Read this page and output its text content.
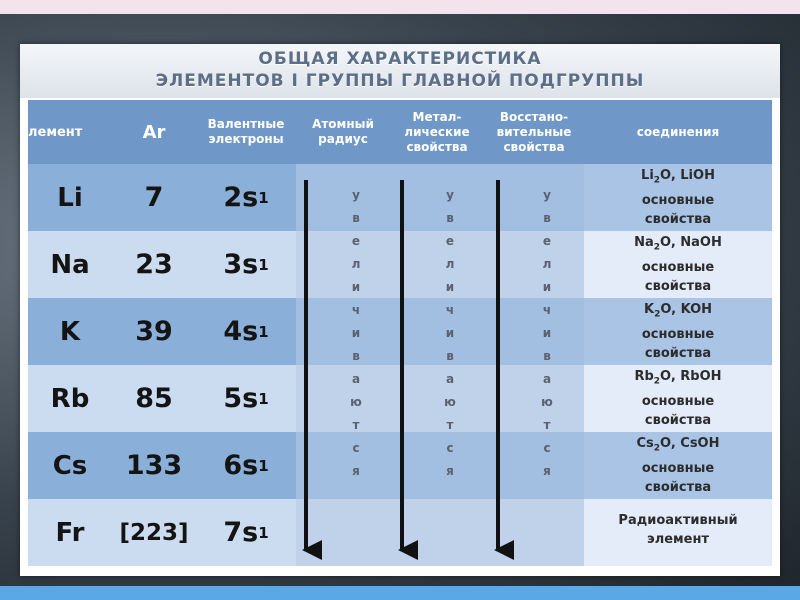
ОБЩАЯ ХАРАКТЕРИСТИКА
ЭЛЕМЕНТОВ I ГРУППЫ ГЛАВНОЙ ПОДГРУППЫ
лемент	Ar	Валентные электроны
Атомный радиус
Метал-лические свойства
Восстано-вительные свойства
соединения
Li	7	2s 1
$Li_2O$, LiOH
основные
свойства
Na	23	3s 1
$Na_2O$, NaOH
основные
свойства
K	39	4s 1
$K_2O$, KOH
основные
свойства
Rb	85	5s 1
$Rb_2O$, RbOH
основные
свойства
Cs	133	6s 1
$Cs_2O$, CsOH
основные
свойства
Fr	[223] 7s 1
Радиоактивный
элемент
у
в
е
л
и
ч
и
в
а
ю
т
с
я
у
в
е
л
и
ч
и
в
а
ю
т
с
я
у
в
е
л
и
ч
и
в
а
ю
т
с
я
